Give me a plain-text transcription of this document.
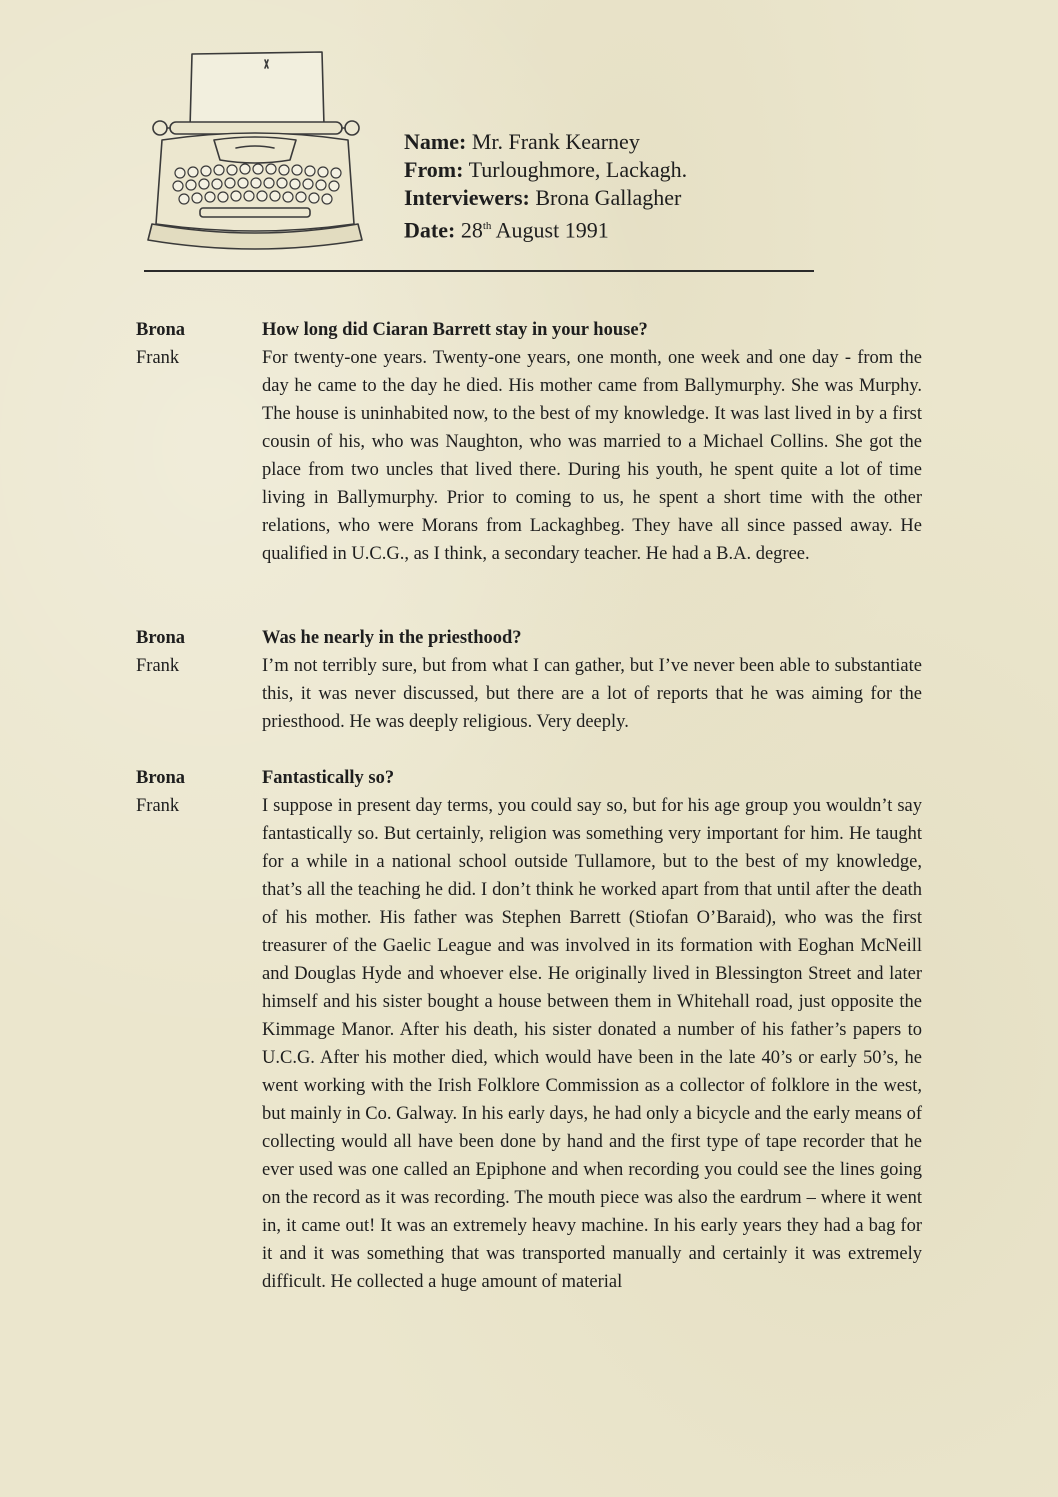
Name: Mr. Frank Kearney
From: Turloughmore, Lackagh.
Interviewers: Brona Gallagher
Date: 28th August 1991
Brona	How long did Ciaran Barrett stay in your house?
Frank	For twenty-one years. Twenty-one years, one month, one week and one day - from the day he came to the day he died. His mother came from Ballymurphy. She was Murphy. The house is uninhabited now, to the best of my knowledge. It was last lived in by a first cousin of his, who was Naughton, who was married to a Michael Collins. She got the place from two uncles that lived there. During his youth, he spent quite a lot of time living in Ballymurphy. Prior to coming to us, he spent a short time with the other relations, who were Morans from Lackaghbeg. They have all since passed away. He qualified in U.C.G., as I think, a secondary teacher. He had a B.A. degree.
Brona	Was he nearly in the priesthood?
Frank	I’m not terribly sure, but from what I can gather, but I’ve never been able to substantiate this, it was never discussed, but there are a lot of reports that he was aiming for the priesthood. He was deeply religious. Very deeply.
Brona	Fantastically so?
Frank	I suppose in present day terms, you could say so, but for his age group you wouldn’t say fantastically so. But certainly, religion was something very important for him. He taught for a while in a national school outside Tullamore, but to the best of my knowledge, that’s all the teaching he did. I don’t think he worked apart from that until after the death of his mother. His father was Stephen Barrett (Stiofan O’Baraid), who was the first treasurer of the Gaelic League and was involved in its formation with Eoghan McNeill and Douglas Hyde and whoever else. He originally lived in Blessington Street and later himself and his sister bought a house between them in Whitehall road, just opposite the Kimmage Manor. After his death, his sister donated a number of his father’s papers to U.C.G. After his mother died, which would have been in the late 40’s or early 50’s, he went working with the Irish Folklore Commission as a collector of folklore in the west, but mainly in Co. Galway. In his early days, he had only a bicycle and the early means of collecting would all have been done by hand and the first type of tape recorder that he ever used was one called an Epiphone and when recording you could see the lines going on the record as it was recording. The mouth piece was also the eardrum – where it went in, it came out! It was an extremely heavy machine. In his early years they had a bag for it and it was something that was transported manually and certainly it was extremely difficult. He collected a huge amount of material
